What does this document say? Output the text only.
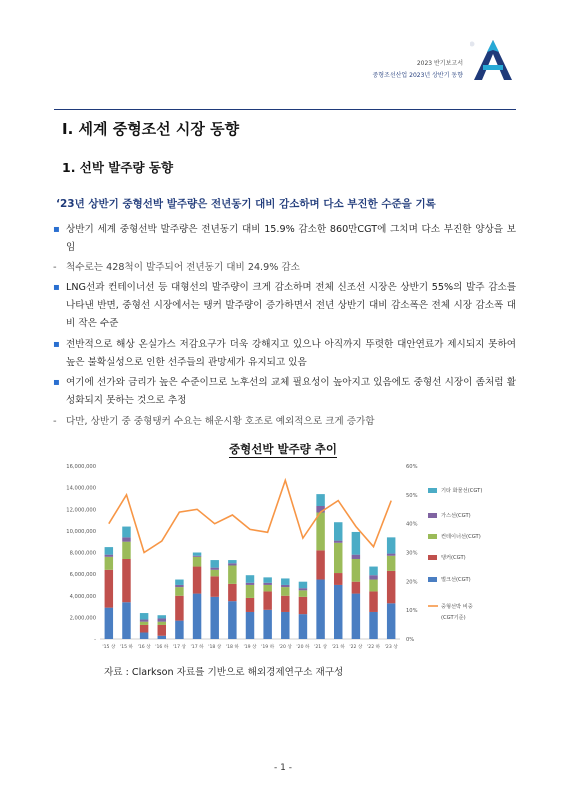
2023 반기보고서
중형조선산업 2023년 상반기 동향
Ⅰ. 세계 중형조선 시장 동향
1. 선박 발주량 동향
‘23년 상반기 중형선박 발주량은 전년동기 대비 감소하며 다소 부진한 수준을 기록
▪ 상반기 세계 중형선박 발주량은 전년동기 대비 15.9% 감소한 860만CGT에 그치며 다소 부진한 양상을 보임
- 척수로는 428척이 발주되어 전년동기 대비 24.9% 감소
▪ LNG선과 컨테이너선 등 대형선의 발주량이 크게 감소하며 전체 신조선 시장은 상반기 55%의 발주 감소를 나타낸 반면, 중형선 시장에서는 탱커 발주량이 증가하면서 전년 상반기 대비 감소폭은 전체 시장 감소폭 대비 작은 수준
▪ 전반적으로 해상 온실가스 저감요구가 더욱 강해지고 있으나 아직까지 뚜렷한 대안연료가 제시되지 못하여 높은 불확실성으로 인한 선주들의 관망세가 유지되고 있음
▪ 여기에 선가와 금리가 높은 수준이므로 노후선의 교체 필요성이 높아지고 있음에도 중형선 시장이 좀처럼 활성화되지 못하는 것으로 추정
- 다만, 상반기 중 중형탱커 수요는 해운시황 호조로 예외적으로 크게 증가함
중형선박 발주량 추이
16,000,000
14,000,000
12,000,000
10,000,000
8,000,000
6,000,000
4,000,000
2,000,000
-
60%
50%
40%
30%
20%
10%
0%
'15 상 '15 하 '16 상 '16 하 '17 상 '17 하 '18 상 '18 하 '19 상 '19 하 '20 상 '20 하 '21 상 '21 하 '22 상 '22 하 '23 상
기타 화물선(CGT)
가스선(CGT)
컨테이너선(CGT)
탱커(CGT)
벌크선(CGT)
중형선박 비중
(CGT기준)
자료 : Clarkson 자료를 기반으로 해외경제연구소 재구성
- 1 -
